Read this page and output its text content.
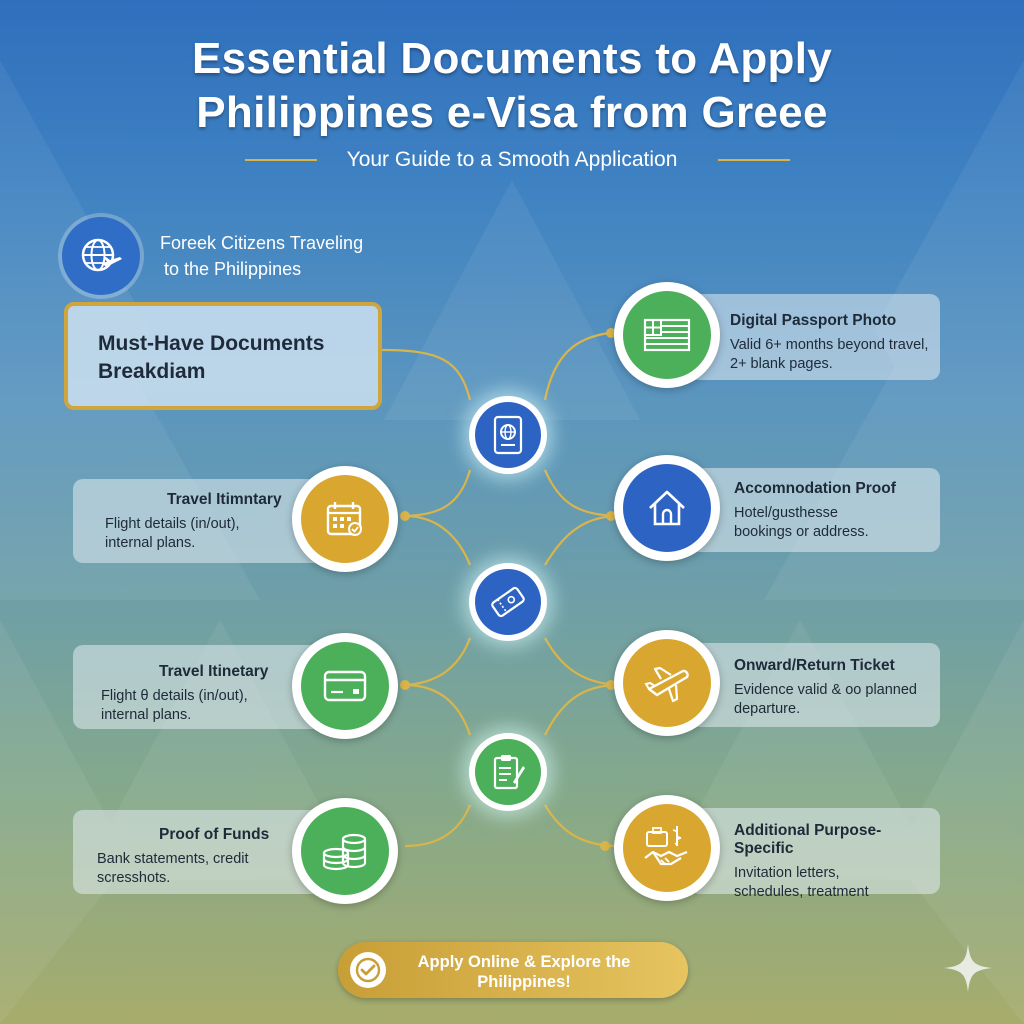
Essential Documents to Apply
Philippines e-Visa from Greee
Your Guide to a Smooth Application
Foreek Citizens Traveling
to the Philippines
Must-Have Documents
Breakdiam
Travel Itimntary
Flight details (in/out),
internal plans.
Travel Itinetary
Flight θ details (in/out),
internal plans.
Proof of Funds
Bank statements, credit
scresshots.
Digital Passport Photo
Valid 6+ months beyond travel,
2+ blank pages.
Accomnodation Proof
Hotel/gusthesse
bookings or address.
Onward/Return Ticket
Evidence valid & oo planned
departure.
Additional Purpose-Specific
Invitation letters,
schedules, treatment
Apply Online & Explore the
Philippines!
